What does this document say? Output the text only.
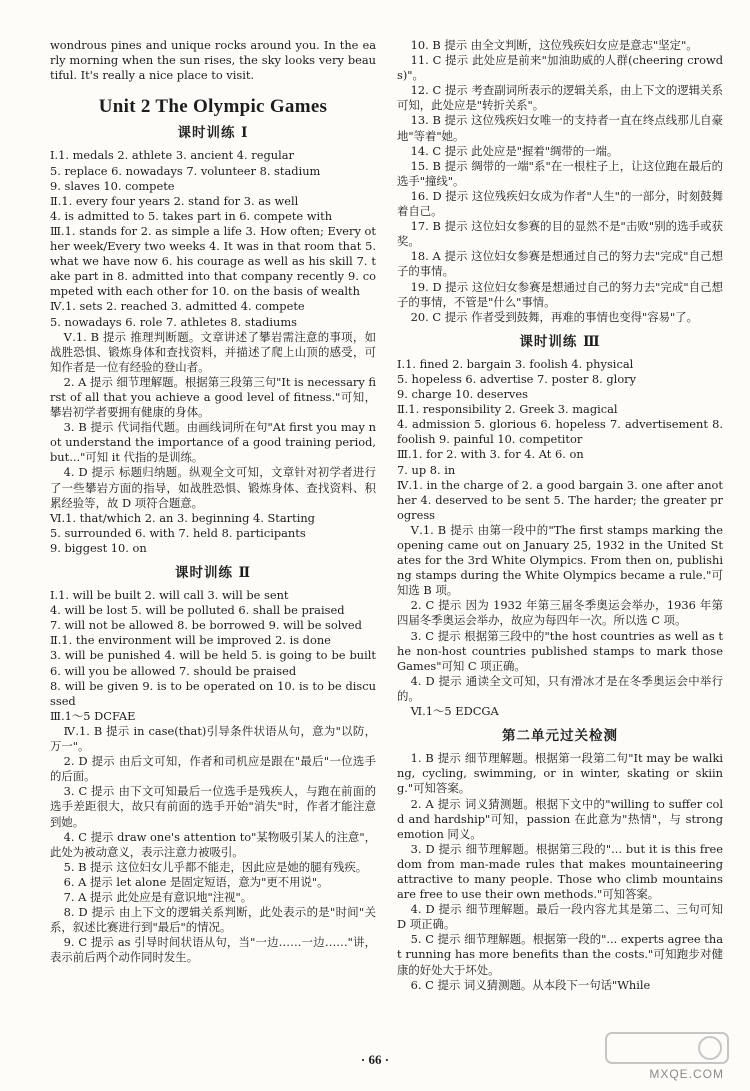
wondrous pines and unique rocks around you. In the early morning when the sun rises, the sky looks very beautiful. It's really a nice place to visit.

Unit 2 The Olympic Games
课时训练 Ⅰ

Ⅰ.1. medals 2. athlete 3. ancient 4. regular

5. replace 6. nowadays 7. volunteer 8. stadium

9. slaves 10. compete

Ⅱ.1. every four years 2. stand for 3. as well

4. is admitted to 5. takes part in 6. compete with

Ⅲ.1. stands for 2. as simple a life 3. How often; Every other week/Every two weeks 4. It was in that room that 5. what we have now 6. his courage as well as his skill 7. take part in 8. admitted into that company recently 9. competed with each other for 10. on the basis of wealth

Ⅳ.1. sets 2. reached 3. admitted 4. compete

5. nowadays 6. role 7. athletes 8. stadiums

Ⅴ.1. B 提示 推理判断题。文章讲述了攀岩需注意的事项，如战胜恐惧、锻炼身体和查找资料，并描述了爬上山顶的感受，可知作者是一位有经验的登山者。

2. A 提示 细节理解题。根据第三段第三句"It is necessary first of all that you achieve a good level of fitness."可知，攀岩初学者要拥有健康的身体。

3. B 提示 代词指代题。由画线词所在句"At first you may not understand the importance of a good training period, but..."可知 it 代指的是训练。

4. D 提示 标题归纳题。纵观全文可知，文章针对初学者进行了一些攀岩方面的指导，如战胜恐惧、锻炼身体、查找资料、积累经验等，故 D 项符合题意。

Ⅵ.1. that/which 2. an 3. beginning 4. Starting

5. surrounded 6. with 7. held 8. participants

9. biggest 10. on

课时训练 Ⅱ

Ⅰ.1. will be built 2. will call 3. will be sent

4. will be lost 5. will be polluted 6. shall be praised

7. will not be allowed 8. be borrowed 9. will be solved

Ⅱ.1. the environment will be improved 2. is done

3. will be punished 4. will be held 5. is going to be built 6. will you be allowed 7. should be praised

8. will be given 9. is to be operated on 10. is to be discussed

Ⅲ.1～5 DCFAE

Ⅳ.1. B 提示 in case(that)引导条件状语从句，意为"以防，万一"。

2. D 提示 由后文可知，作者和司机应是跟在"最后"一位选手的后面。

3. C 提示 由下文可知最后一位选手是残疾人，与跑在前面的选手差距很大，故只有前面的选手开始"消失"时，作者才能注意到她。

4. C 提示 draw one's attention to"某物吸引某人的注意"，此处为被动意义，表示注意力被吸引。

5. B 提示 这位妇女儿乎都不能走，因此应是她的腿有残疾。

6. A 提示 let alone 是固定短语，意为"更不用说"。

7. A 提示 此处应是有意识地"注视"。

8. D 提示 由上下文的逻辑关系判断，此处表示的是"时间"关系，叙述比赛进行到"最后"的情况。

9. C 提示 as 引导时间状语从句，当"一边……一边……"讲，表示前后两个动作同时发生。

10. B 提示 由全文判断，这位残疾妇女应是意志"坚定"。

11. C 提示 此处应是前来"加油助威的人群(cheering crowds)"。

12. C 提示 考查副词所表示的逻辑关系，由上下文的逻辑关系可知，此处应是"转折关系"。

13. B 提示 这位残疾妇女唯一的支持者一直在终点线那儿自豪地"等着"她。

14. C 提示 此处应是"握着"绸带的一端。

15. B 提示 绸带的一端"系"在一根柱子上，让这位跑在最后的选手"撞线"。

16. D 提示 这位残疾妇女成为作者"人生"的一部分，时刻鼓舞着自己。

17. B 提示 这位妇女参赛的目的显然不是"击败"别的选手或获奖。

18. A 提示 这位妇女参赛是想通过自己的努力去"完成"自己想子的事情。

19. D 提示 这位妇女参赛是想通过自己的努力去"完成"自己想子的事情，不管是"什么"事情。

20. C 提示 作者受到鼓舞，再难的事情也变得"容易"了。

课时训练 Ⅲ

Ⅰ.1. fined 2. bargain 3. foolish 4. physical

5. hopeless 6. advertise 7. poster 8. glory

9. charge 10. deserves

Ⅱ.1. responsibility 2. Greek 3. magical

4. admission 5. glorious 6. hopeless 7. advertisement 8. foolish 9. painful 10. competitor

Ⅲ.1. for 2. with 3. for 4. At 6. on

7. up 8. in

Ⅳ.1. in the charge of 2. a good bargain 3. one after another 4. deserved to be sent 5. The harder; the greater progress

Ⅴ.1. B 提示 由第一段中的"The first stamps marking the opening came out on January 25, 1932 in the United States for the 3rd White Olympics. From then on, publishing stamps during the White Olympics became a rule."可知选 B 项。

2. C 提示 因为 1932 年第三届冬季奥运会举办，1936 年第四届冬季奥运会举办，故应为每四年一次。所以选 C 项。

3. C 提示 根据第三段中的"the host countries as well as the non-host countries published stamps to mark those Games"可知 C 项正确。

4. D 提示 通读全文可知，只有滑冰才是在冬季奥运会中举行的。

Ⅵ.1～5 EDCGA

第二单元过关检测

1. B 提示 细节理解题。根据第一段第二句"It may be walking, cycling, swimming, or in winter, skating or skiing."可知答案。

2. A 提示 词义猜测题。根据下文中的"willing to suffer cold and hardship"可知，passion 在此意为"热情"，与 strong emotion 同义。

3. D 提示 细节理解题。根据第三段的"... but it is this freedom from man-made rules that makes mountaineering attractive to many people. Those who climb mountains are free to use their own methods."可知答案。

4. D 提示 细节理解题。最后一段内容尤其是第二、三句可知 D 项正确。

5. C 提示 细节理解题。根据第一段的"... experts agree that running has more benefits than the costs."可知跑步对健康的好处大于坏处。

6. C 提示 词义猜测题。从本段下一句话"While

· 66 ·
MXQE.COM
